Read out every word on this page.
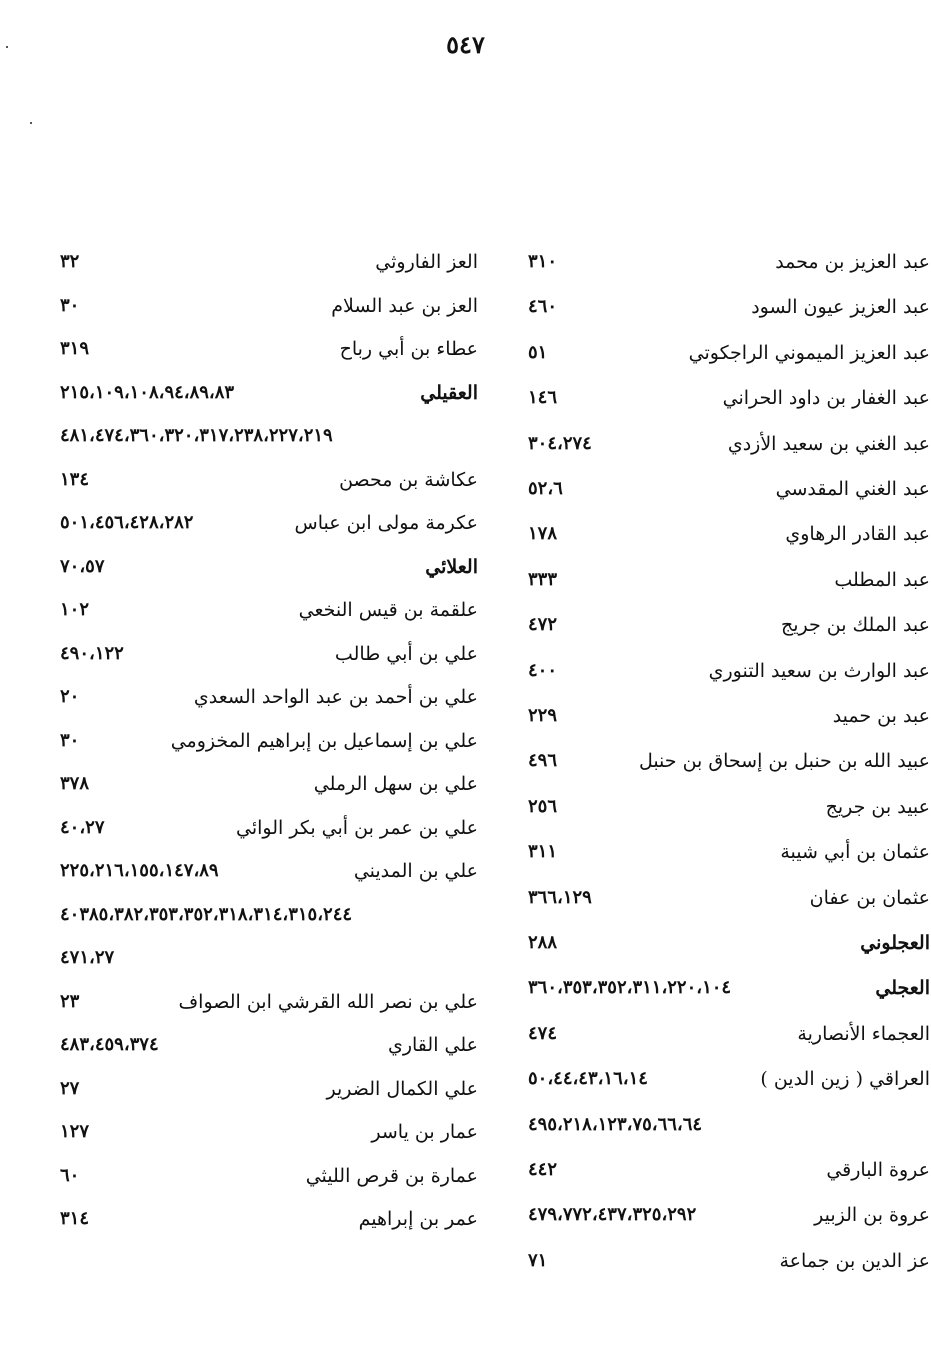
٥٤٧
عبد العزيز بن محمد
٣١٠
عبد العزيز عيون السود
٤٦٠
عبد العزيز الميموني الراجكوتي
٥١
عبد الغفار بن داود الحراني
١٤٦
عبد الغني بن سعيد الأزدي
٣٠٤،٢٧٤
عبد الغني المقدسي
٥٢،٦
عبد القادر الرهاوي
١٧٨
عبد المطلب
٣٣٣
عبد الملك بن جريج
٤٧٢
عبد الوارث بن سعيد التنوري
٤٠٠
عبد بن حميد
٢٢٩
عبيد الله بن حنبل بن إسحاق بن حنبل
٤٩٦
عبيد بن جريج
٢٥٦
عثمان بن أبي شيبة
٣١١
عثمان بن عفان
٣٦٦،١٢٩
العجلوني
٢٨٨
العجلي
٣٦٠،٣٥٣،٣٥٢،٣١١،٢٢٠،١٠٤
العجماء الأنصارية
٤٧٤
العراقي ( زين الدين )
٥٠،٤٤،٤٣،١٦،١٤
٤٩٥،٢١٨،١٢٣،٧٥،٦٦،٦٤
عروة البارقي
٤٤٢
عروة بن الزبير
٤٧٩،٧٧٢،٤٣٧،٣٢٥،٢٩٢
عز الدين بن جماعة
٧١
العز الفاروثي
٣٢
العز بن عبد السلام
٣٠
عطاء بن أبي رباح
٣١٩
العقيلي
٢١٥،١٠٩،١٠٨،٩٤،٨٩،٨٣
٤٨١،٤٧٤،٣٦٠،٣٢٠،٣١٧،٢٣٨،٢٢٧،٢١٩
عكاشة بن محصن
١٣٤
عكرمة مولى ابن عباس
٥٠١،٤٥٦،٤٢٨،٢٨٢
العلائي
٧٠،٥٧
علقمة بن قيس النخعي
١٠٢
علي بن أبي طالب
٤٩٠،١٢٢
علي بن أحمد بن عبد الواحد السعدي
٢٠
علي بن إسماعيل بن إبراهيم المخزومي
٣٠
علي بن سهل الرملي
٣٧٨
علي بن عمر بن أبي بكر الوائي
٤٠،٢٧
علي بن المديني
٢٢٥،٢١٦،١٥٥،١٤٧،٨٩
٤٠٣٨٥،٣٨٢،٣٥٣،٣٥٢،٣١٨،٣١٤،٣١٥،٢٤٤
٤٧١،٢٧
علي بن نصر الله القرشي ابن الصواف
٢٣
علي القاري
٤٨٣،٤٥٩،٣٧٤
علي الكمال الضرير
٢٧
عمار بن ياسر
١٢٧
عمارة بن قرص الليثي
٦٠
عمر بن إبراهيم
٣١٤
